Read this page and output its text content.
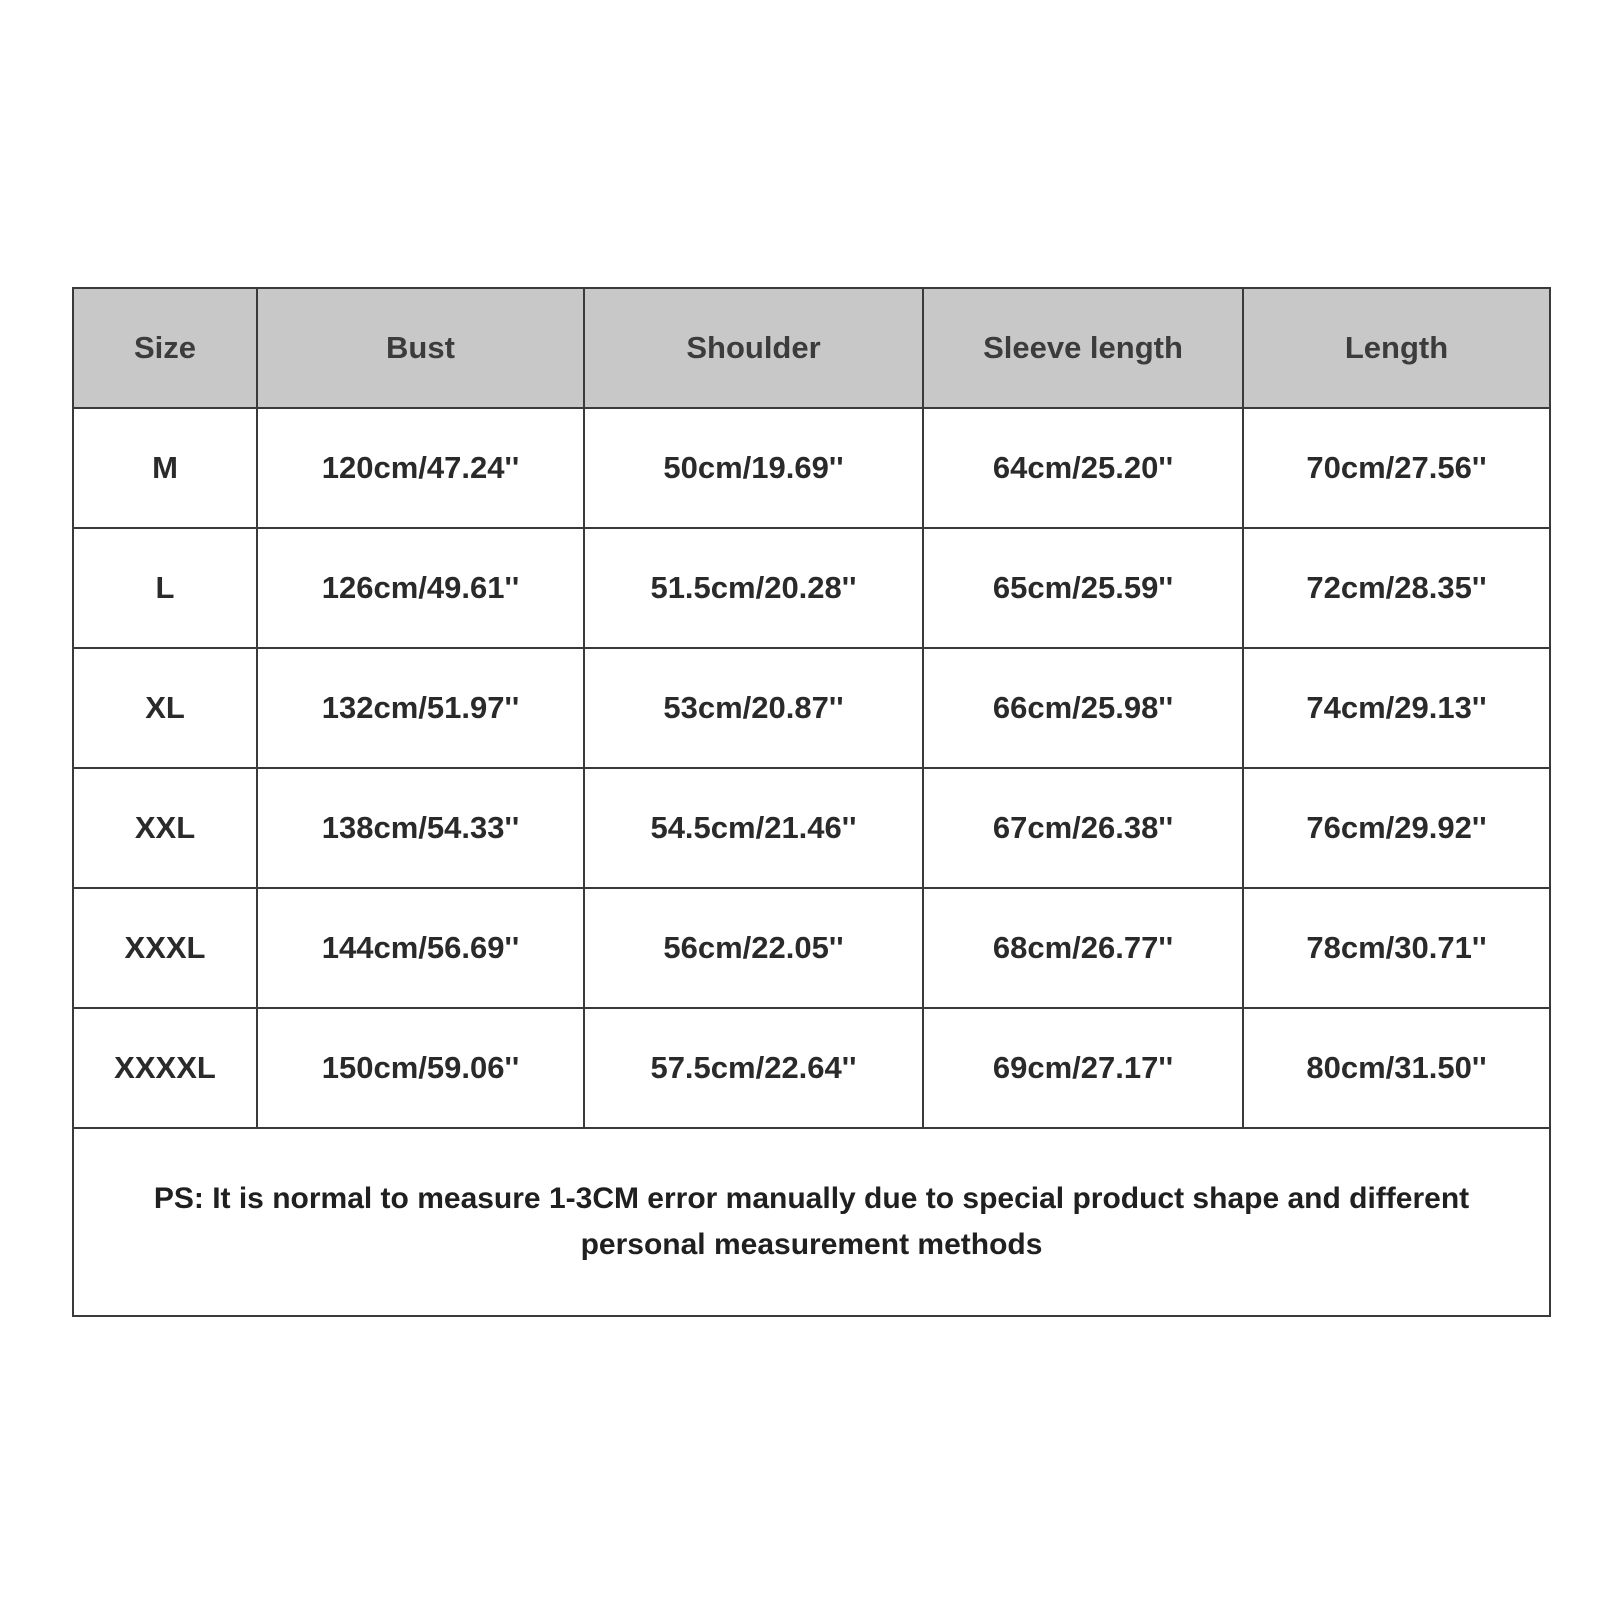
Size	Bust	Shoulder	Sleeve length	Length
M	120cm/47.24''	50cm/19.69''	64cm/25.20''	70cm/27.56''
L	126cm/49.61''	51.5cm/20.28''	65cm/25.59''	72cm/28.35''
XL	132cm/51.97''	53cm/20.87''	66cm/25.98''	74cm/29.13''
XXL	138cm/54.33''	54.5cm/21.46''	67cm/26.38''	76cm/29.92''
XXXL	144cm/56.69''	56cm/22.05''	68cm/26.77''	78cm/30.71''
XXXXL	150cm/59.06''	57.5cm/22.64''	69cm/27.17''	80cm/31.50''
PS: It is normal to measure 1-3CM error manually due to special product shape and different personal measurement methods				
